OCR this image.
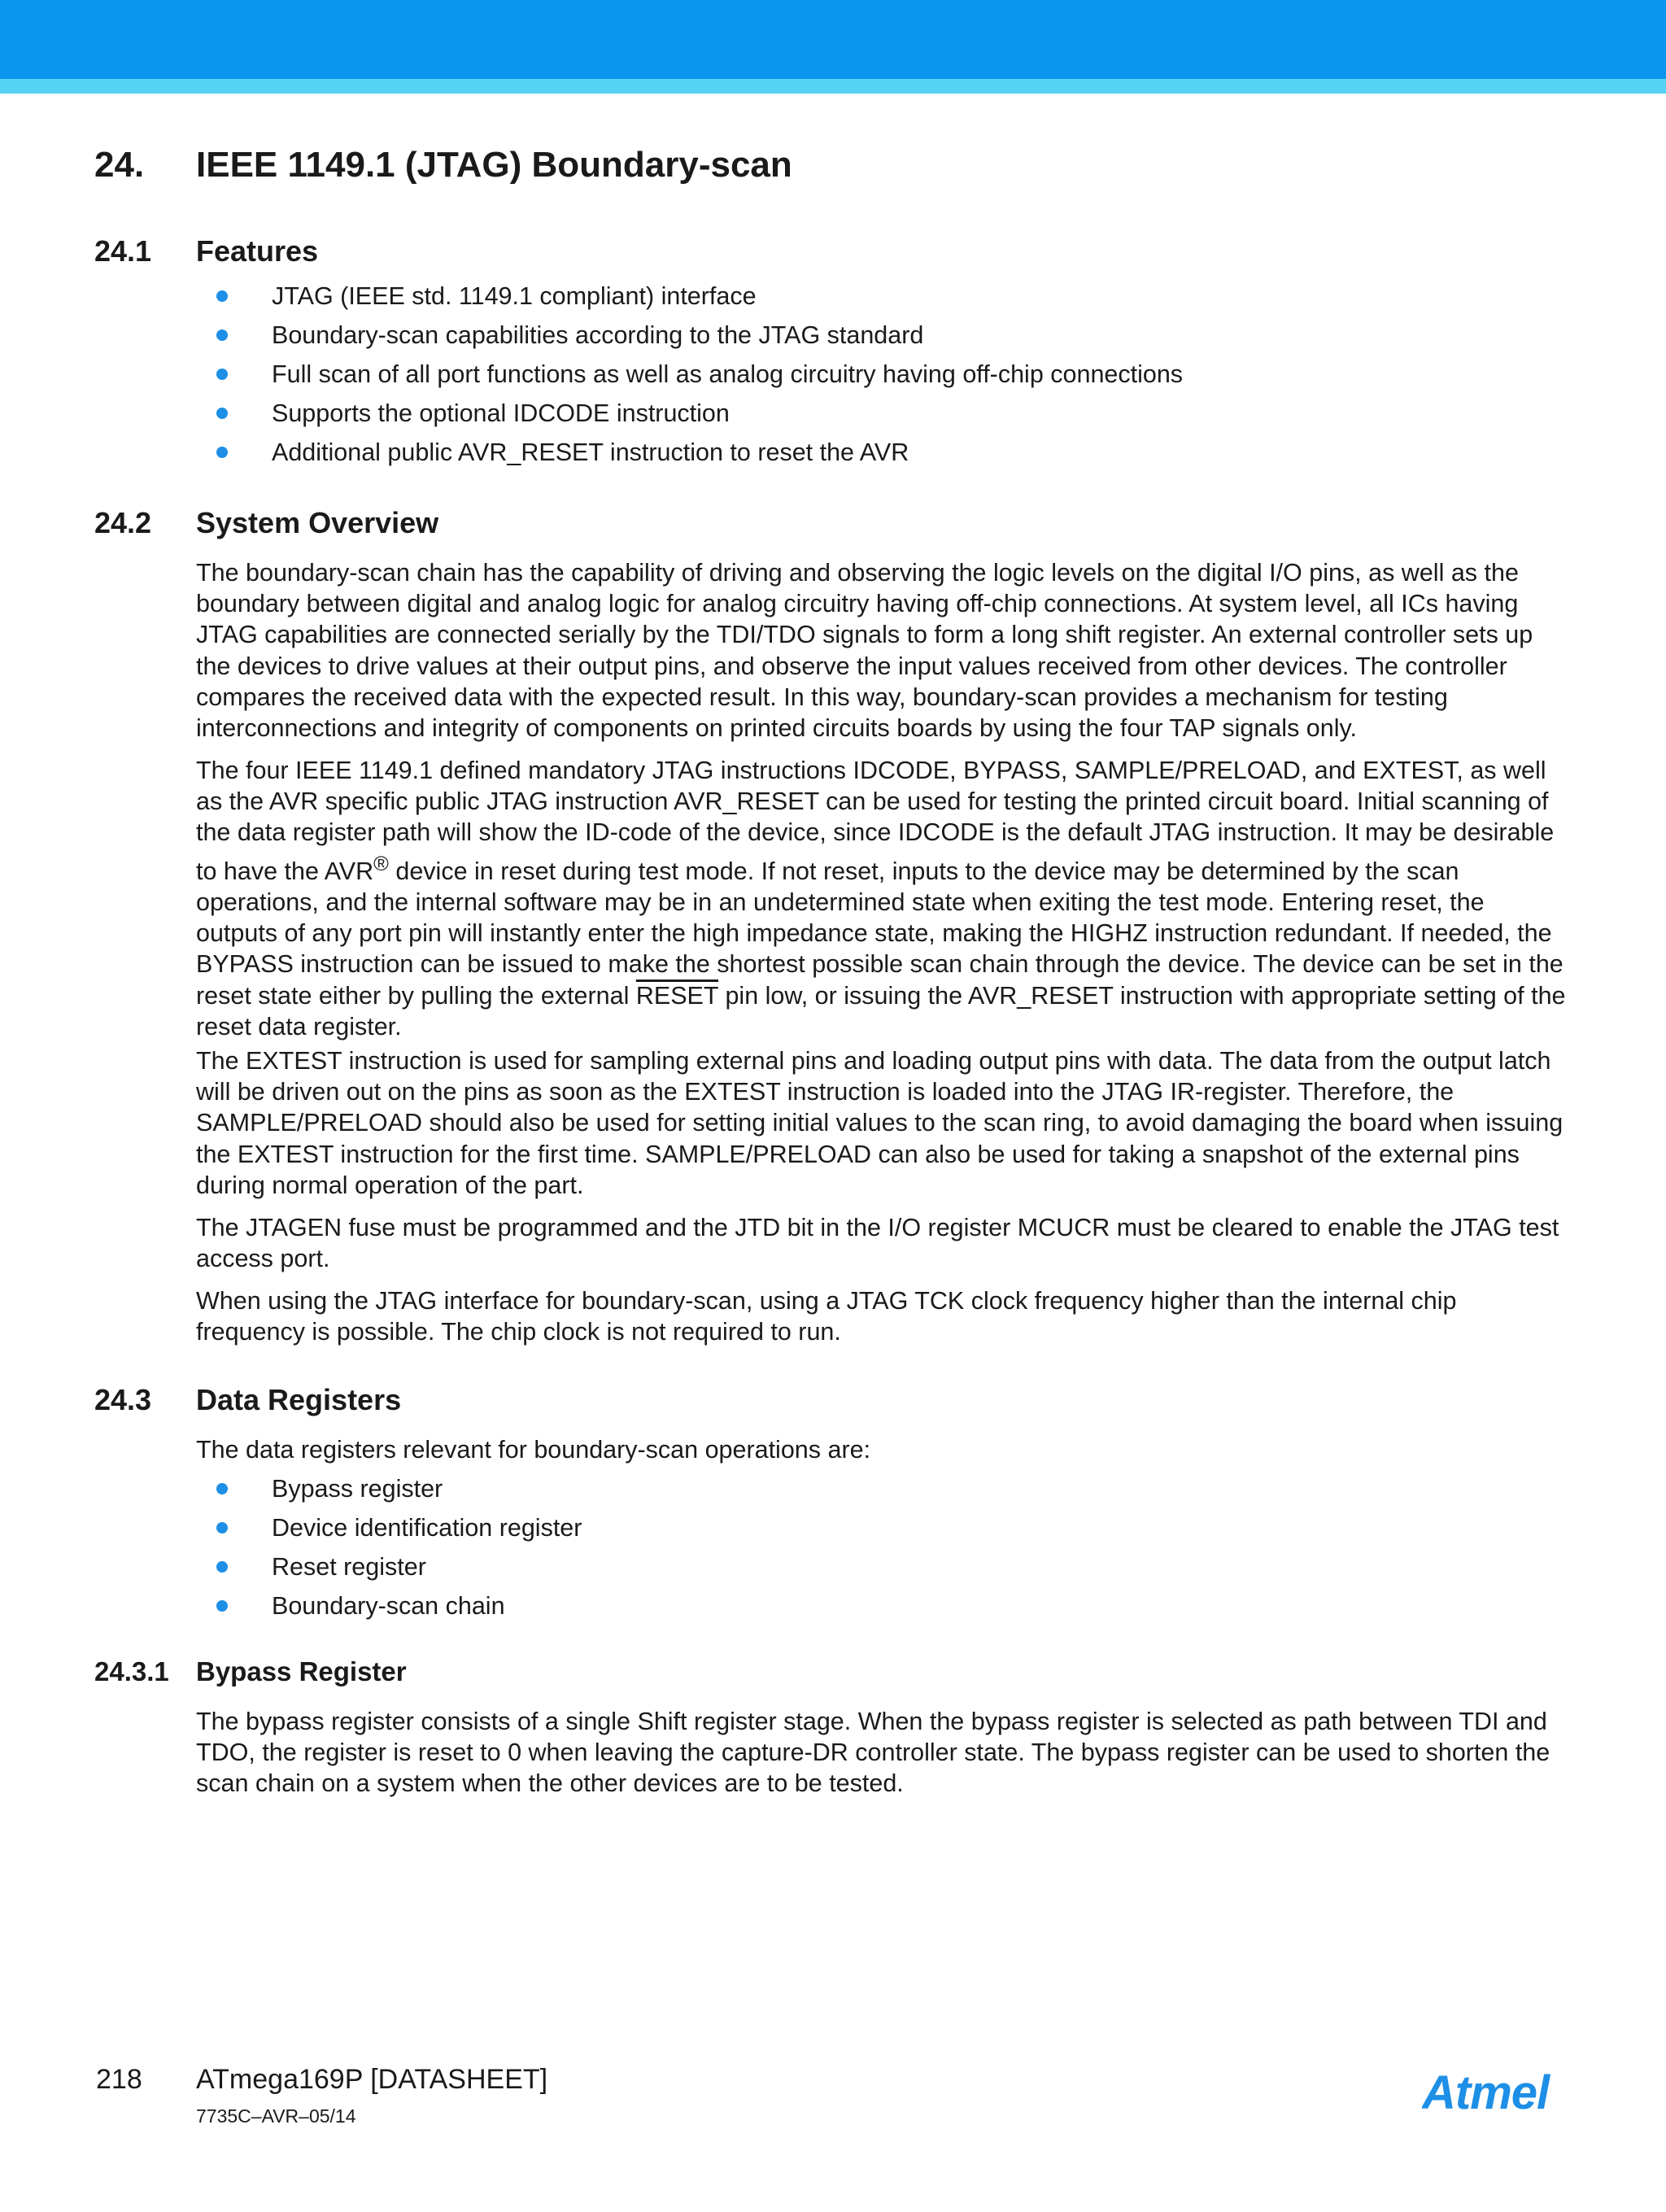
24. IEEE 1149.1 (JTAG) Boundary-scan
24.1 Features
JTAG (IEEE std. 1149.1 compliant) interface
Boundary-scan capabilities according to the JTAG standard
Full scan of all port functions as well as analog circuitry having off-chip connections
Supports the optional IDCODE instruction
Additional public AVR_RESET instruction to reset the AVR
24.2 System Overview

The boundary-scan chain has the capability of driving and observing the logic levels on the digital I/O pins, as well as the boundary between digital and analog logic for analog circuitry having off-chip connections. At system level, all ICs having JTAG capabilities are connected serially by the TDI/TDO signals to form a long shift register. An external controller sets up the devices to drive values at their output pins, and observe the input values received from other devices. The controller compares the received data with the expected result. In this way, boundary-scan provides a mechanism for testing interconnections and integrity of components on printed circuits boards by using the four TAP signals only.

The four IEEE 1149.1 defined mandatory JTAG instructions IDCODE, BYPASS, SAMPLE/PRELOAD, and EXTEST, as well as the AVR specific public JTAG instruction AVR_RESET can be used for testing the printed circuit board. Initial scanning of the data register path will show the ID-code of the device, since IDCODE is the default JTAG instruction. It may be desirable to have the AVR® device in reset during test mode. If not reset, inputs to the device may be determined by the scan operations, and the internal software may be in an undetermined state when exiting the test mode. Entering reset, the outputs of any port pin will instantly enter the high impedance state, making the HIGHZ instruction redundant. If needed, the BYPASS instruction can be issued to make the shortest possible scan chain through the device. The device can be set in the reset state either by pulling the external RESET pin low, or issuing the AVR_RESET instruction with appropriate setting of the reset data register.

The EXTEST instruction is used for sampling external pins and loading output pins with data. The data from the output latch will be driven out on the pins as soon as the EXTEST instruction is loaded into the JTAG IR-register. Therefore, the SAMPLE/PRELOAD should also be used for setting initial values to the scan ring, to avoid damaging the board when issuing the EXTEST instruction for the first time. SAMPLE/PRELOAD can also be used for taking a snapshot of the external pins during normal operation of the part.

The JTAGEN fuse must be programmed and the JTD bit in the I/O register MCUCR must be cleared to enable the JTAG test access port.

When using the JTAG interface for boundary-scan, using a JTAG TCK clock frequency higher than the internal chip frequency is possible. The chip clock is not required to run.

24.3 Data Registers

The data registers relevant for boundary-scan operations are:

Bypass register
Device identification register
Reset register
Boundary-scan chain
24.3.1 Bypass Register

The bypass register consists of a single Shift register stage. When the bypass register is selected as path between TDI and TDO, the register is reset to 0 when leaving the capture-DR controller state. The bypass register can be used to shorten the scan chain on a system when the other devices are to be tested.

218 ATmega169P [DATASHEET]
7735C–AVR–05/14	Atmel
